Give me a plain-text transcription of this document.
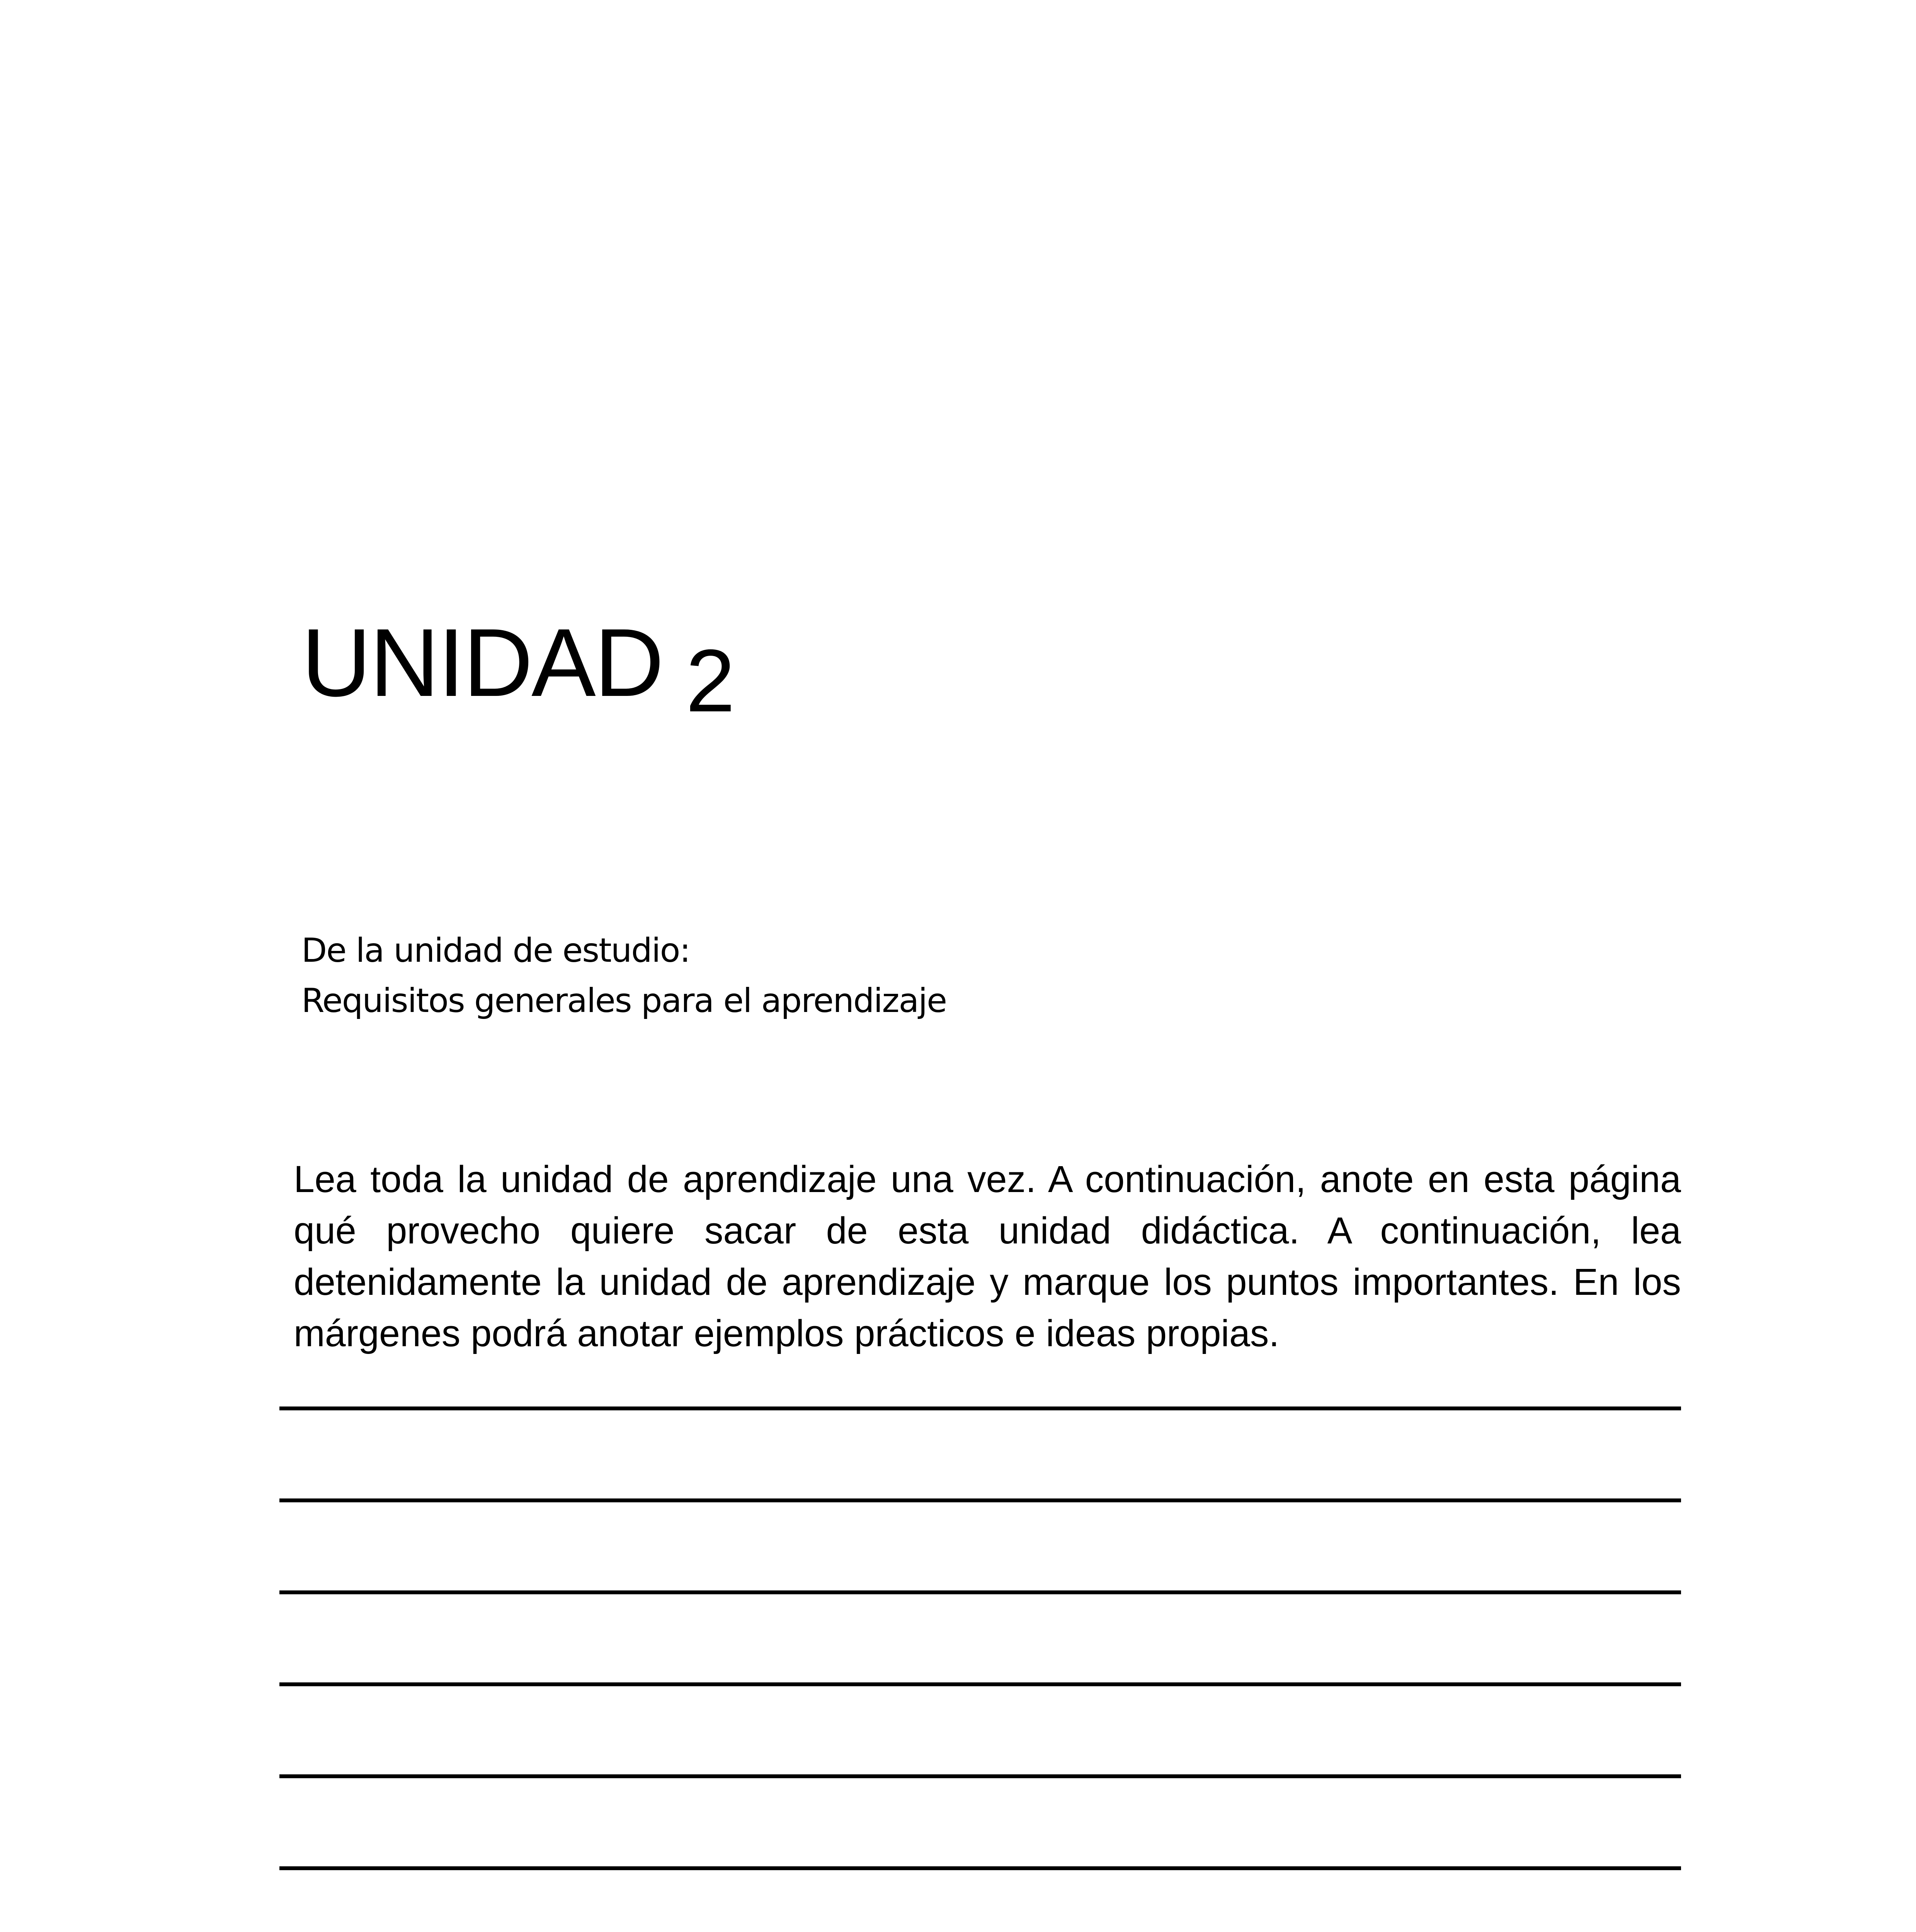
UNIDAD 2
De la unidad de estudio:
Requisitos generales para el aprendizaje
Lea toda la unidad de aprendizaje una vez. A continuación, anote en esta página qué provecho quiere sacar de esta unidad didáctica. A continuación, lea detenidamente la unidad de aprendizaje y marque los puntos importantes. En los márgenes podrá anotar ejemplos prácticos e ideas propias.
